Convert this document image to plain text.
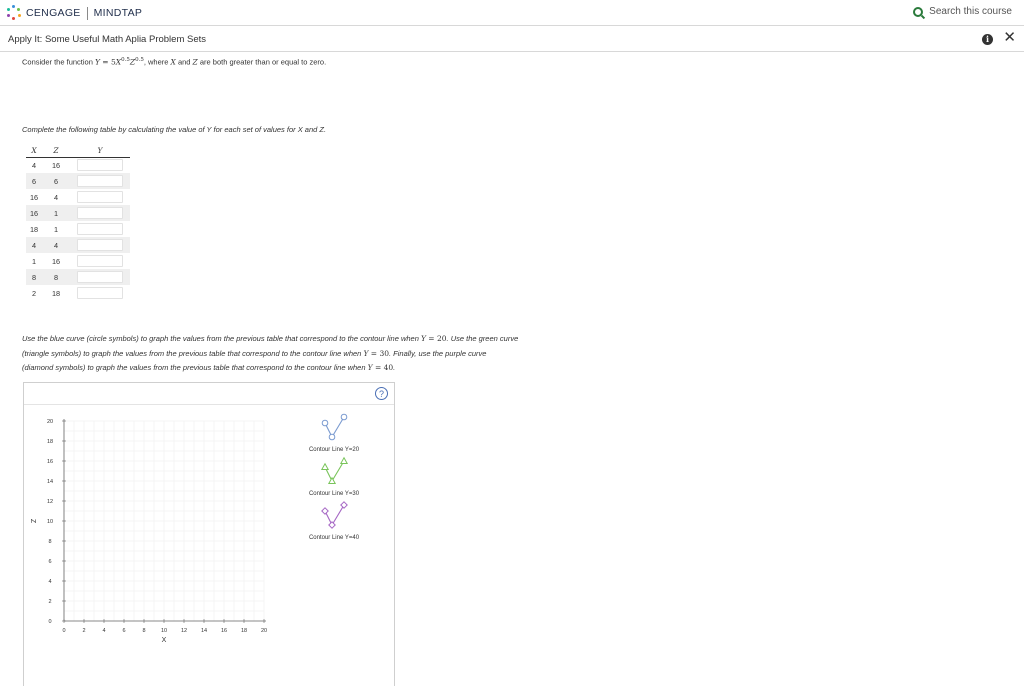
CENGAGE MINDTAP	Search this course
Apply It: Some Useful Math Aplia Problem Sets	i ✕
Consider the function $Y = 5X^{0.5}Z^{0.5}$, where X and Z are both greater than or equal to zero.
Complete the following table by calculating the value of Y for each set of values for X and Z.
X	Z	Y
4	16	

6	6	

16	4	

16	1	

18	1	

4	4	

1	16	

8	8	

2	18	
Use the blue curve (circle symbols) to graph the values from the previous table that correspond to the contour line when Y = 20. Use the green curve
(triangle symbols) to graph the values from the previous table that correspond to the contour line when Y = 30. Finally, use the purple curve
(diamond symbols) to graph the values from the previous table that correspond to the contour line when Y = 40.
?
0	2	4	6	8	10	12	14	16	18	20
0
2
4
6
8
10
12
14
16
18
20
X
Z
Contour Line Y=20
Contour Line Y=30
Contour Line Y=40
